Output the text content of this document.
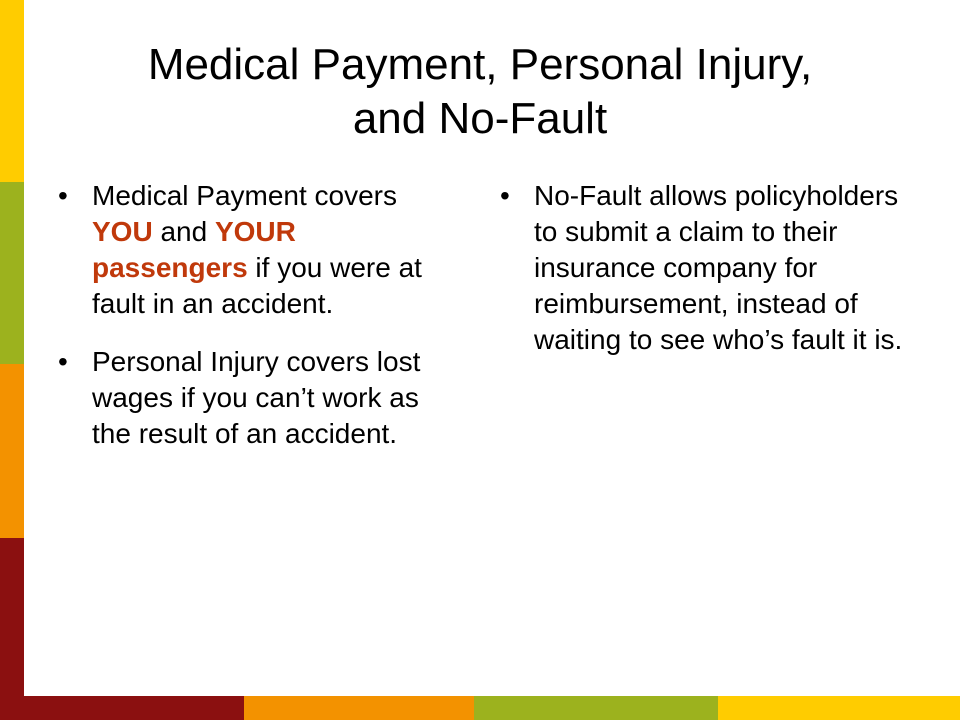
Medical Payment, Personal Injury,
and No-Fault
• Medical Payment covers YOU and YOUR passengers if you were at fault in an accident.
• Personal Injury covers lost wages if you can’t work as the result of an accident.
• No-Fault allows policyholders to submit a claim to their insurance company for reimbursement, instead of waiting to see who’s fault it is.
